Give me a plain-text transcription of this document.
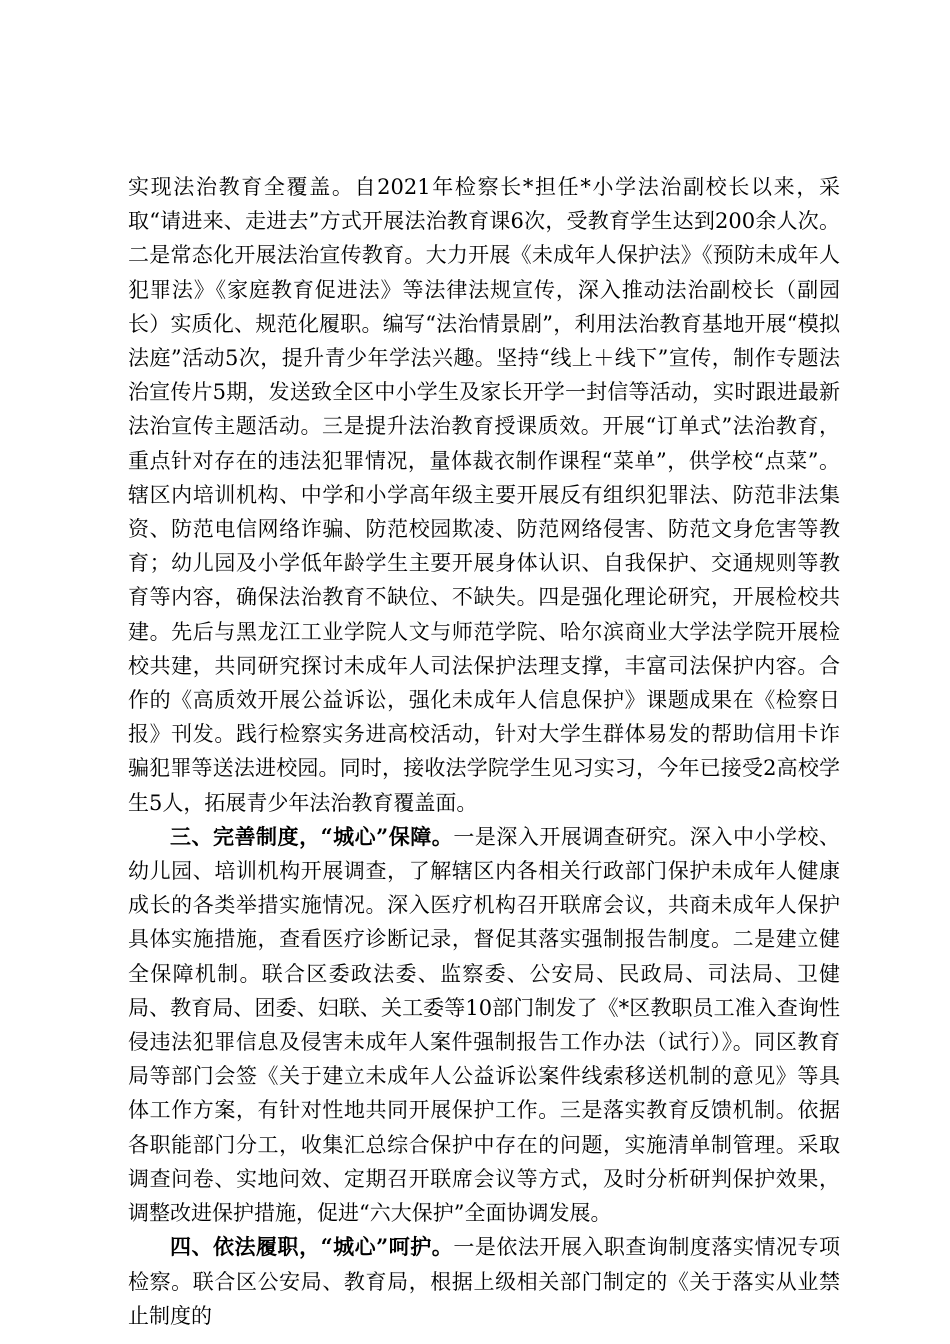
实现法治教育全覆盖。自2021年检察长*担任*小学法治副校长以来，采取“请进来、走进去”方式开展法治教育课6次，受教育学生达到200余人次。二是常态化开展法治宣传教育。大力开展《未成年人保护法》《预防未成年人犯罪法》《家庭教育促进法》等法律法规宣传，深入推动法治副校长（副园长）实质化、规范化履职。编写“法治情景剧”，利用法治教育基地开展“模拟法庭”活动5次，提升青少年学法兴趣。坚持“线上＋线下”宣传，制作专题法治宣传片5期，发送致全区中小学生及家长开学一封信等活动，实时跟进最新法治宣传主题活动。三是提升法治教育授课质效。开展“订单式”法治教育，重点针对存在的违法犯罪情况，量体裁衣制作课程“菜单”，供学校“点菜”。辖区内培训机构、中学和小学高年级主要开展反有组织犯罪法、防范非法集资、防范电信网络诈骗、防范校园欺凌、防范网络侵害、防范文身危害等教育；幼儿园及小学低年龄学生主要开展身体认识、自我保护、交通规则等教育等内容，确保法治教育不缺位、不缺失。四是强化理论研究，开展检校共建。先后与黑龙江工业学院人文与师范学院、哈尔滨商业大学法学院开展检校共建，共同研究探讨未成年人司法保护法理支撑，丰富司法保护内容。合作的《高质效开展公益诉讼，强化未成年人信息保护》课题成果在《检察日报》刊发。践行检察实务进高校活动，针对大学生群体易发的帮助信用卡诈骗犯罪等送法进校园。同时，接收法学院学生见习实习，今年已接受2高校学生5人，拓展青少年法治教育覆盖面。

三、完善制度，“城心”保障。一是深入开展调查研究。深入中小学校、幼儿园、培训机构开展调查，了解辖区内各相关行政部门保护未成年人健康成长的各类举措实施情况。深入医疗机构召开联席会议，共商未成年人保护具体实施措施，查看医疗诊断记录，督促其落实强制报告制度。二是建立健全保障机制。联合区委政法委、监察委、公安局、民政局、司法局、卫健局、教育局、团委、妇联、关工委等10部门制发了《*区教职员工准入查询性侵违法犯罪信息及侵害未成年人案件强制报告工作办法（试行）》。同区教育局等部门会签《关于建立未成年人公益诉讼案件线索移送机制的意见》等具体工作方案，有针对性地共同开展保护工作。三是落实教育反馈机制。依据各职能部门分工，收集汇总综合保护中存在的问题，实施清单制管理。采取调查问卷、实地问效、定期召开联席会议等方式，及时分析研判保护效果，调整改进保护措施，促进“六大保护”全面协调发展。

四、依法履职，“城心”呵护。一是依法开展入职查询制度落实情况专项检察。联合区公安局、教育局，根据上级相关部门制定的《关于落实从业禁止制度的
